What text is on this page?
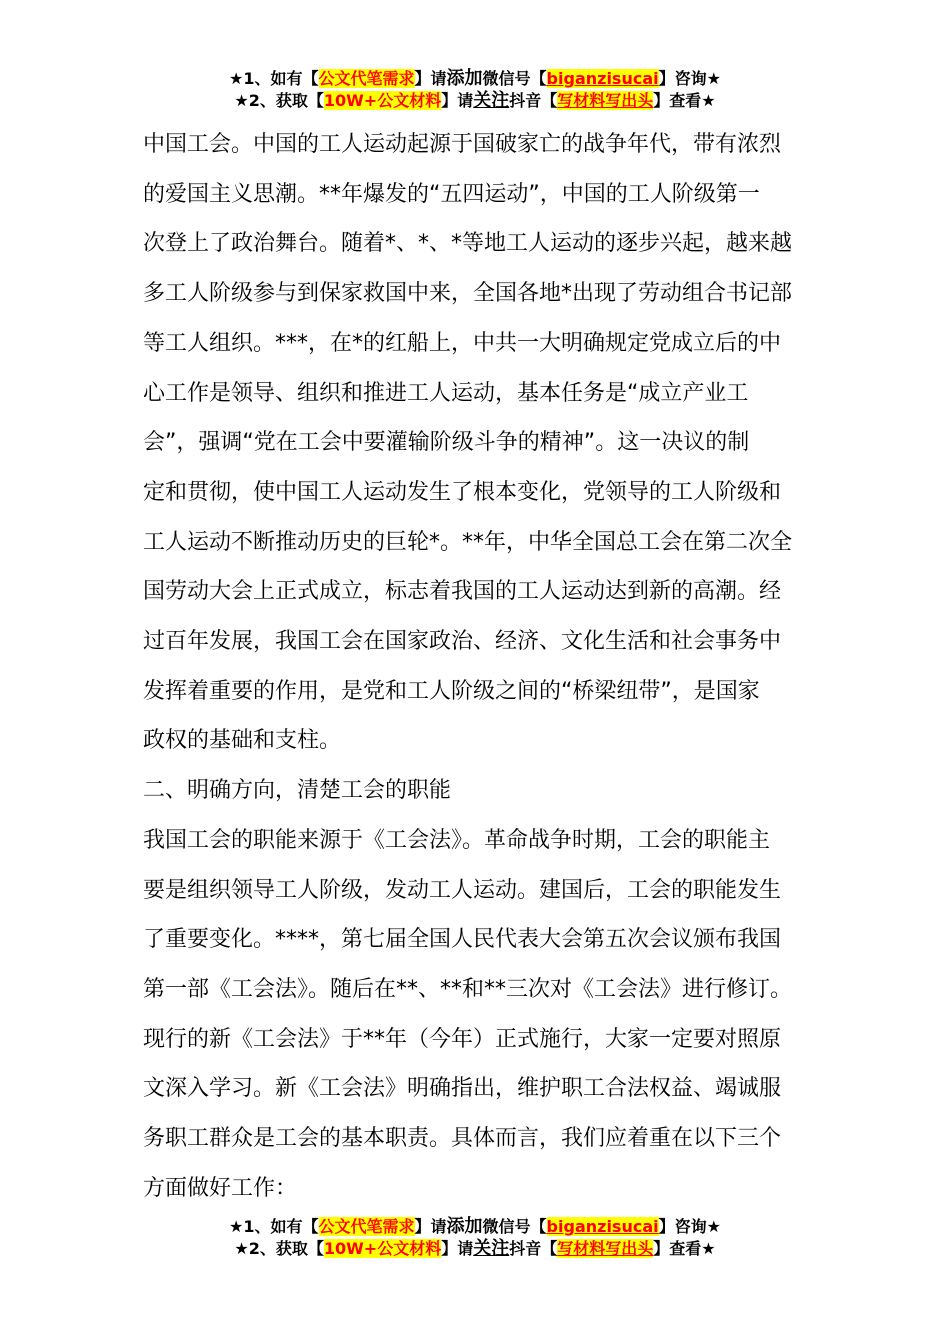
★1、如有【公文代笔需求】请添加微信号【biganzisucai】咨询★
★2、获取【10W+公文材料】请关注抖音【写材料写出头】查看★

中国工会。中国的工人运动起源于国破家亡的战争年代，带有浓烈

的爱国主义思潮。**年爆发的“五四运动”，中国的工人阶级第一

次登上了政治舞台。随着*、*、*等地工人运动的逐步兴起，越来越

多工人阶级参与到保家救国中来，全国各地*出现了劳动组合书记部

等工人组织。***，在*的红船上，中共一大明确规定党成立后的中

心工作是领导、组织和推进工人运动，基本任务是“成立产业工

会”，强调“党在工会中要灌输阶级斗争的精神”。这一决议的制

定和贯彻，使中国工人运动发生了根本变化，党领导的工人阶级和

工人运动不断推动历史的巨轮*。**年，中华全国总工会在第二次全

国劳动大会上正式成立，标志着我国的工人运动达到新的高潮。经

过百年发展，我国工会在国家政治、经济、文化生活和社会事务中

发挥着重要的作用，是党和工人阶级之间的“桥梁纽带”，是国家

政权的基础和支柱。

二、明确方向，清楚工会的职能

我国工会的职能来源于《工会法》。革命战争时期，工会的职能主

要是组织领导工人阶级，发动工人运动。建国后，工会的职能发生

了重要变化。****，第七届全国人民代表大会第五次会议颁布我国

第一部《工会法》。随后在**、**和**三次对《工会法》进行修订。

现行的新《工会法》于**年（今年）正式施行，大家一定要对照原

文深入学习。新《工会法》明确指出，维护职工合法权益、竭诚服

务职工群众是工会的基本职责。具体而言，我们应着重在以下三个

方面做好工作：

★1、如有【公文代笔需求】请添加微信号【biganzisucai】咨询★
★2、获取【10W+公文材料】请关注抖音【写材料写出头】查看★
